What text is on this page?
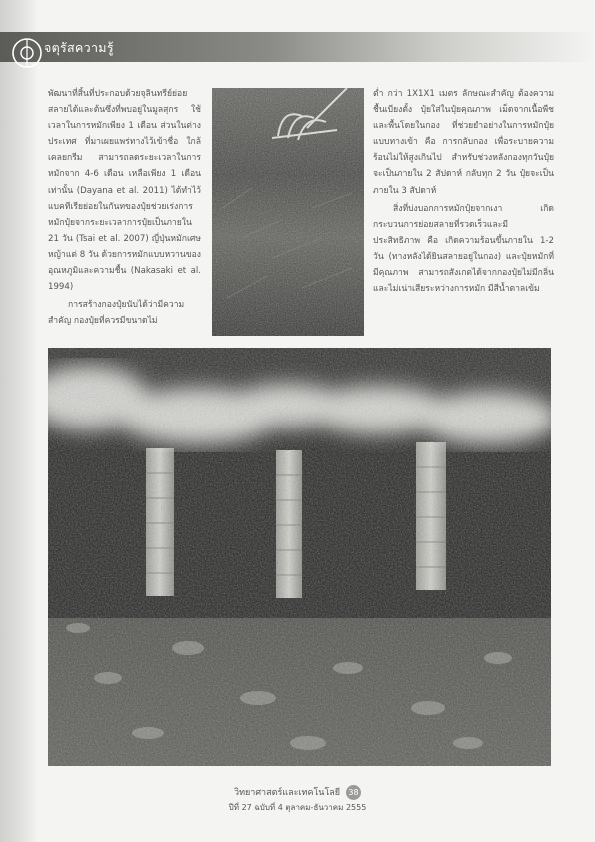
จตุรัสความรู้

พัฒนาที่สิ้นที่ประกอบด้วยจุลินทรีย์ย่อยสลายได้และต้นซึ่งที่พบอยู่ในมูลสุกร ใช้เวลาในการหมักเพียง 1 เดือน ส่วนในต่างประเทศ ที่มาเผยแพร่ทางไว้เข้าชื่อ ใกล้เคลยกรีม สามารถลดระยะเวลาในการหมักจาก 4-6 เดือน เหลือเพียง 1 เดือนเท่านั้น (Dayana et al. 2011) ได้ทำไว้แบคทีเรียย่อยในกันทของปุ๋ยช่วยเร่งการหมักปุ๋ยจากระยะเวลาการปุ๋ยเป็นภายใน 21 วัน (Tsai et al. 2007) ญี่ปุ่นหมักเศษหญ้าแต่ 8 วัน ด้วยการหมักแบบหวานของอุณหภูมิและความชื้น (Nakasaki et al. 1994)

การสร้างกองปุ๋ยนับได้ว่ามีความสำคัญ กองปุ๋ยที่ควรมีขนาดไม่

ต่ำ กว่า 1X1X1 เมตร ลักษณะสำคัญ ต้องความชื้นเบียงตั้ง ปุ๋ยใส่ในปุ๋ยคุณภาพ เม็ดจากเนื้อพืชและพื้นโดยในกอง ที่ช่วยยำอย่างในการหมักปุ๋ยแบบทางเข้า คือ การกลับกอง เพื่อระบายความร้อนไม่ให้สูงเกินไป สำหรับช่วงหลังกองทุกวันปุ๋ยจะเป็นภายใน 2 สัปดาห์ กลับทุก 2 วัน ปุ๋ยจะเป็นภายใน 3 สัปดาห์

สิ่งที่บ่งบอกการหมักปุ๋ยจากเงา เกิดกระบวนการย่อยสลายที่รวดเร็วและมีประสิทธิภาพ คือ เกิดความร้อนขึ้นภายใน 1-2 วัน (ทางหลังได้ยินสลายอยู่ในกอง) และปุ๋ยหมักที่มีคุณภาพ สามารถสังเกตได้จากกองปุ๋ยไม่มีกลิ่นและไม่เน่าเสียระหว่างการหมัก มีสีน้ำตาลเข้ม

วิทยาศาสตร์และเทคโนโลยี 38
ปีที่ 27 ฉบับที่ 4 ตุลาคม-ธันวาคม 2555
